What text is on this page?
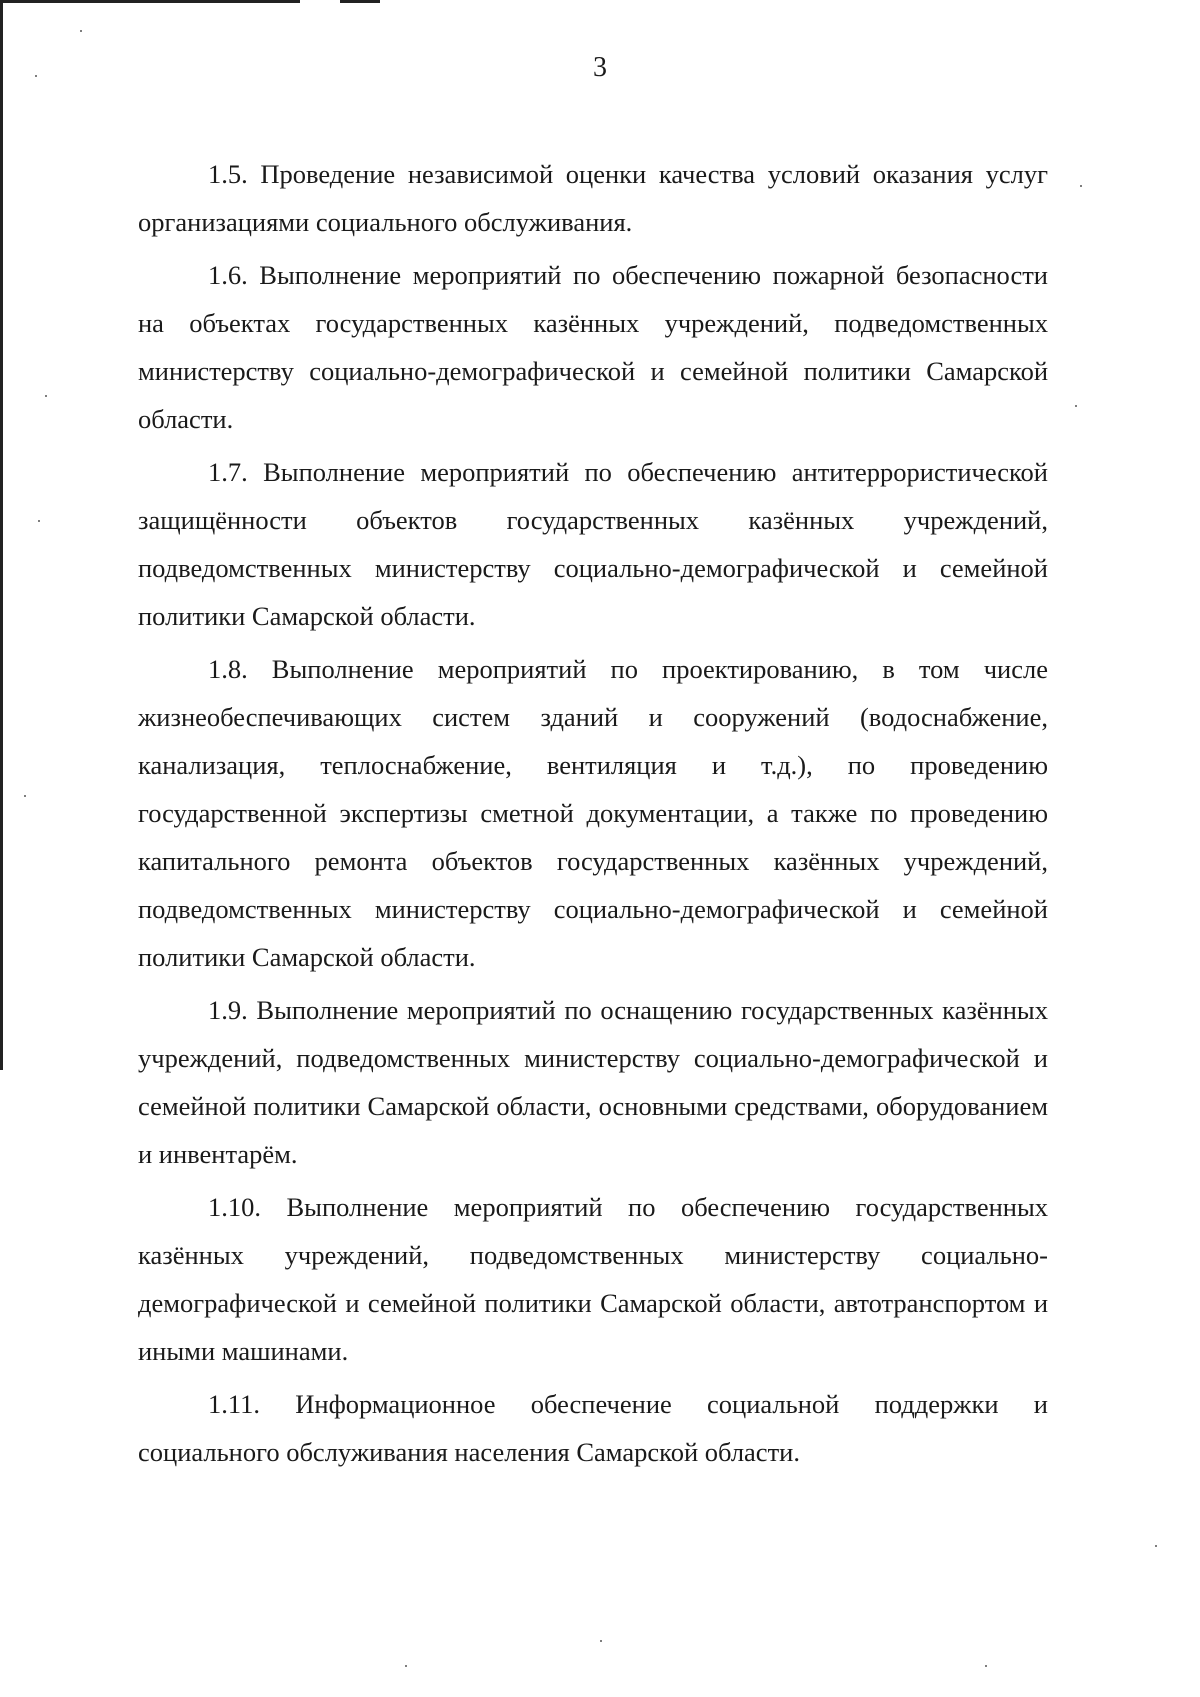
3

1.5. Проведение независимой оценки качества условий оказания услуг организациями социального обслуживания.

1.6. Выполнение мероприятий по обеспечению пожарной безопасности на объектах государственных казённых учреждений, подведомственных министерству социально-демографической и семейной политики Самарской области.

1.7. Выполнение мероприятий по обеспечению антитеррористической защищённости объектов государственных казённых учреждений, подведомственных министерству социально-демографической и семейной политики Самарской области.

1.8. Выполнение мероприятий по проектированию, в том числе жизнеобеспечивающих систем зданий и сооружений (водоснабжение, канализация, теплоснабжение, вентиляция и т.д.), по проведению государственной экспертизы сметной документации, а также по проведению капитального ремонта объектов государственных казённых учреждений, подведомственных министерству социально-демографической и семейной политики Самарской области.

1.9. Выполнение мероприятий по оснащению государственных казённых учреждений, подведомственных министерству социально-демографической и семейной политики Самарской области, основными средствами, оборудованием и инвентарём.

1.10. Выполнение мероприятий по обеспечению государственных казённых учреждений, подведомственных министерству социально-демографической и семейной политики Самарской области, автотранспортом и иными машинами.

1.11. Информационное обеспечение социальной поддержки и социального обслуживания населения Самарской области.
